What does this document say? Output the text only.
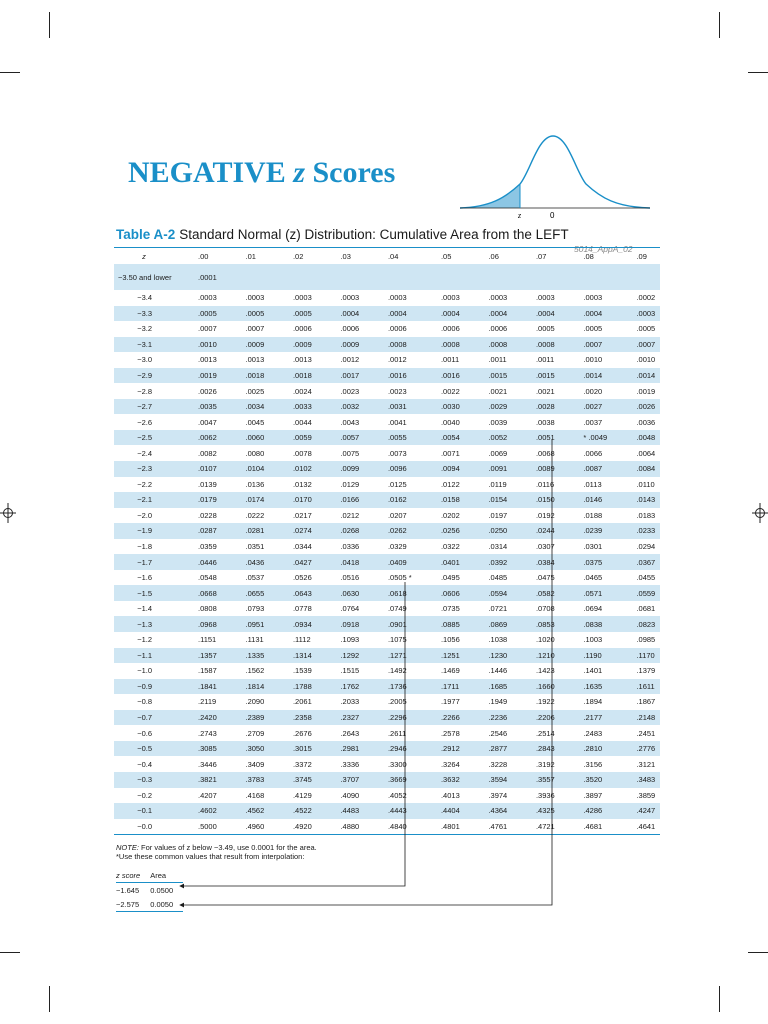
NEGATIVE z Scores
z	0
Table A-2 Standard Normal (z) Distribution: Cumulative Area from the LEFT
5014_AppA_02
z	.00	.01	.02	.03	.04	.05	.06	.07	.08	.09
−3.50 and lower	.0001									
−3.4	.0003	.0003	.0003	.0003	.0003	.0003	.0003	.0003	.0003	.0002
−3.3	.0005	.0005	.0005	.0004	.0004	.0004	.0004	.0004	.0004	.0003
−3.2	.0007	.0007	.0006	.0006	.0006	.0006	.0006	.0005	.0005	.0005
−3.1	.0010	.0009	.0009	.0009	.0008	.0008	.0008	.0008	.0007	.0007
−3.0	.0013	.0013	.0013	.0012	.0012	.0011	.0011	.0011	.0010	.0010
−2.9	.0019	.0018	.0018	.0017	.0016	.0016	.0015	.0015	.0014	.0014
−2.8	.0026	.0025	.0024	.0023	.0023	.0022	.0021	.0021	.0020	.0019
−2.7	.0035	.0034	.0033	.0032	.0031	.0030	.0029	.0028	.0027	.0026
−2.6	.0047	.0045	.0044	.0043	.0041	.0040	.0039	.0038	.0037	.0036
−2.5	.0062	.0060	.0059	.0057	.0055	.0054	.0052	.0051	* .0049	.0048
−2.4	.0082	.0080	.0078	.0075	.0073	.0071	.0069	.0068	.0066	.0064
−2.3	.0107	.0104	.0102	.0099	.0096	.0094	.0091	.0089	.0087	.0084
−2.2	.0139	.0136	.0132	.0129	.0125	.0122	.0119	.0116	.0113	.0110
−2.1	.0179	.0174	.0170	.0166	.0162	.0158	.0154	.0150	.0146	.0143
−2.0	.0228	.0222	.0217	.0212	.0207	.0202	.0197	.0192	.0188	.0183
−1.9	.0287	.0281	.0274	.0268	.0262	.0256	.0250	.0244	.0239	.0233
−1.8	.0359	.0351	.0344	.0336	.0329	.0322	.0314	.0307	.0301	.0294
−1.7	.0446	.0436	.0427	.0418	.0409	.0401	.0392	.0384	.0375	.0367
−1.6	.0548	.0537	.0526	.0516	.0505 *	.0495	.0485	.0475	.0465	.0455
−1.5	.0668	.0655	.0643	.0630	.0618	.0606	.0594	.0582	.0571	.0559
−1.4	.0808	.0793	.0778	.0764	.0749	.0735	.0721	.0708	.0694	.0681
−1.3	.0968	.0951	.0934	.0918	.0901	.0885	.0869	.0853	.0838	.0823
−1.2	.1151	.1131	.1112	.1093	.1075	.1056	.1038	.1020	.1003	.0985
−1.1	.1357	.1335	.1314	.1292	.1271	.1251	.1230	.1210	.1190	.1170
−1.0	.1587	.1562	.1539	.1515	.1492	.1469	.1446	.1423	.1401	.1379
−0.9	.1841	.1814	.1788	.1762	.1736	.1711	.1685	.1660	.1635	.1611
−0.8	.2119	.2090	.2061	.2033	.2005	.1977	.1949	.1922	.1894	.1867
−0.7	.2420	.2389	.2358	.2327	.2296	.2266	.2236	.2206	.2177	.2148
−0.6	.2743	.2709	.2676	.2643	.2611	.2578	.2546	.2514	.2483	.2451
−0.5	.3085	.3050	.3015	.2981	.2946	.2912	.2877	.2843	.2810	.2776
−0.4	.3446	.3409	.3372	.3336	.3300	.3264	.3228	.3192	.3156	.3121
−0.3	.3821	.3783	.3745	.3707	.3669	.3632	.3594	.3557	.3520	.3483
−0.2	.4207	.4168	.4129	.4090	.4052	.4013	.3974	.3936	.3897	.3859
−0.1	.4602	.4562	.4522	.4483	.4443	.4404	.4364	.4325	.4286	.4247
−0.0	.5000	.4960	.4920	.4880	.4840	.4801	.4761	.4721	.4681	.4641
NOTE: For values of z below −3.49, use 0.0001 for the area.
*Use these common values that result from interpolation:
z score	Area
−1.645	0.0500
−2.575	0.0050
